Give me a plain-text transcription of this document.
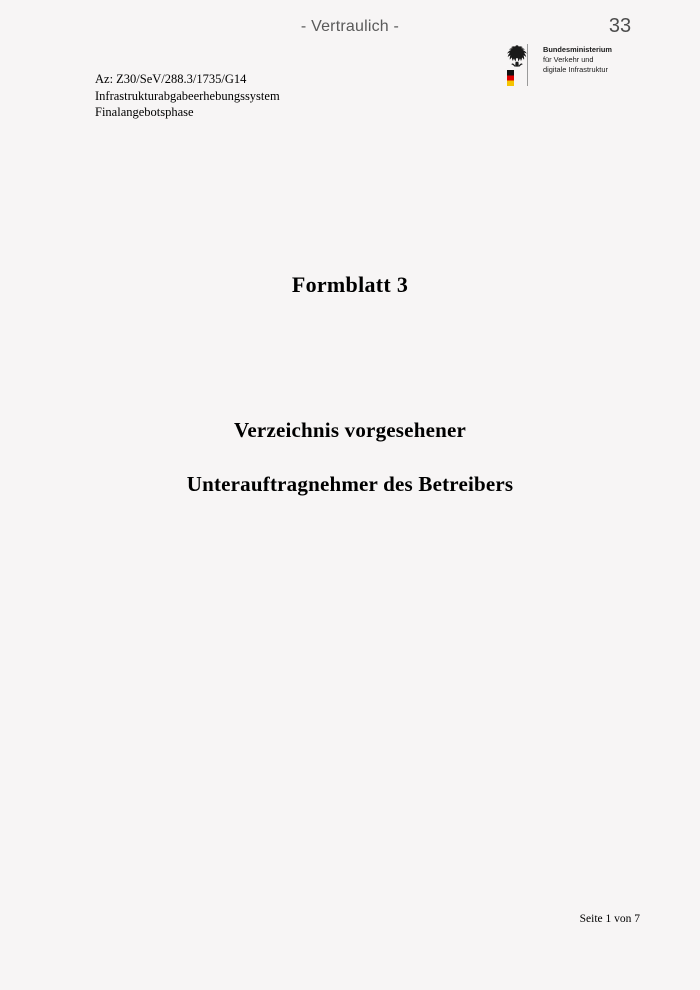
- Vertraulich -	33
Bundesministerium
für Verkehr und
digitale Infrastruktur
Az: Z30/SeV/288.3/1735/G14
Infrastrukturabgabeerhebungssystem
Finalangebotsphase
Formblatt 3
Verzeichnis vorgesehener
Unterauftragnehmer des Betreibers
Seite 1 von 7
